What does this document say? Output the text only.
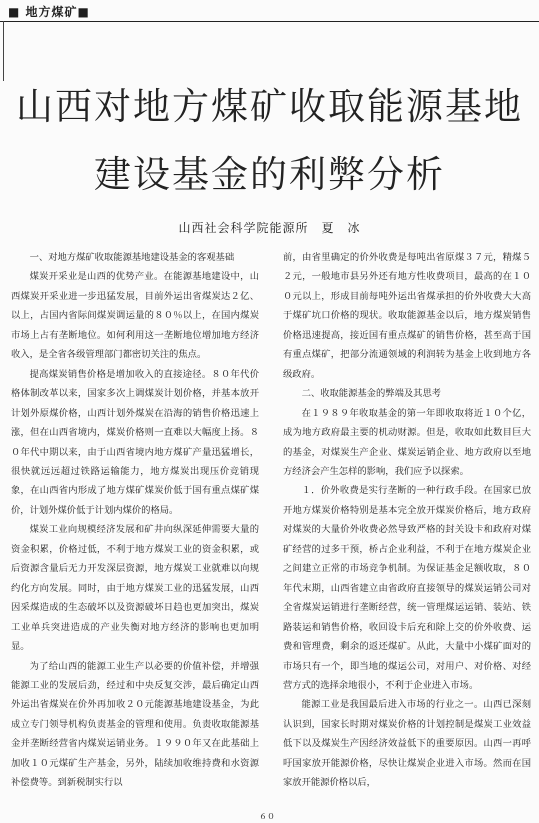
■ 地方煤矿■
山西对地方煤矿收取能源基地
建设基金的利弊分析
山西社会科学院能源所　夏　冰

一、对地方煤矿收取能源基地建设基金的客观基础

煤炭开采业是山西的优势产业。在能源基地建设中，山西煤炭开采业进一步迅猛发展，目前外运出省煤炭达２亿、以上，占国内省际间煤炭调运量的８０％以上，在国内煤炭市场上占有垄断地位。如何利用这一垄断地位增加地方经济收入，是全省各级管理部门都密切关注的焦点。

提高煤炭销售价格是增加收入的直接途径。８０年代价格体制改革以来，国家多次上调煤炭计划价格，并基本放开计划外原煤价格，山西计划外煤炭在沿海的销售价格迅速上涨，但在山西省境内，煤炭价格则一直难以大幅度上扬。８０年代中期以来，由于山西省境内地方煤矿产量迅猛增长，很快就远远超过铁路运输能力，地方煤炭出现压价竞销现象，在山西省内形成了地方煤矿煤炭价低于国有重点煤矿煤价，计划外煤价低于计划内煤价的格局。

煤炭工业向规模经济发展和矿井向纵深延伸需要大量的资金积累，价格过低，不利于地方煤炭工业的资金积累，或后资源含量后无力开发深层资源，地方煤炭工业就难以向规约化方向发展。同时，由于地方煤炭工业的迅猛发展，山西因采煤造成的生态破坏以及资源破坏日趋也更加突出，煤炭工业单兵突进造成的产业失衡对地方经济的影响也更加明显。

为了给山西的能源工业生产以必要的价值补偿，并增强能源工业的发展后劲，经过和中央反复交涉，最后确定山西外运出省煤炭在价外再加收２０元能源基地建设基金，为此成立专门领导机构负责基金的管理和使用。负责收取能源基金并垄断经营省内煤炭运销业务。１９９０年又在此基础上加收１０元煤矿生产基金，另外，陆续加收维持费和水资源补偿费等。到新税制实行以

前，由省里确定的价外收费是每吨出省原煤３７元，精煤５２元，一般地市县另外还有地方性收费项目，最高的在１００元以上，形成目前每吨外运出省煤承担的价外收费大大高于煤矿坑口价格的现状。收取能源基金以后，地方煤炭销售价格迅速提高，接近国有重点煤矿的销售价格，甚至高于国有重点煤矿，把部分流通领域的利润转为基金上收到地方各级政府。

二、收取能源基金的弊端及其思考

在１９８９年收取基金的第一年即收取将近１０个亿，成为地方政府最主要的机动财源。但是，收取如此数目巨大的基金，对煤炭生产企业、煤炭运销企业、地方政府以至地方经济会产生怎样的影响，我们应予以探索。

１．价外收费是实行垄断的一种行政手段。在国家已放开地方煤炭价格特别是基本完全放开煤炭价格后，地方政府对煤炭的大量价外收费必然导致严格的封关设卡和政府对煤矿经营的过多干预，桥占企业利益，不利于在地方煤炭企业之间建立正常的市场竞争机制。为保证基金足额收取，８０年代末期，山西省建立由省政府直接领导的煤炭运销公司对全省煤炭运销进行垄断经营，统一管理煤运运销、装站、铁路装运和销售价格，收回设卡后充和除上交的价外收费、运费和管理费，剩余的返还煤矿。从此，大量中小煤矿面对的市场只有一个，即当地的煤运公司，对用户、对价格、对经营方式的选择余地很小，不利于企业进入市场。

能源工业是我国最后进入市场的行业之一。山西已深刻认识到，国家长时期对煤炭价格的计划控制是煤炭工业效益低下以及煤炭生产因经济效益低下的重要原因。山西一再呼吁国家放开能源价格，尽快让煤炭企业进入市场。然而在国家放开能源价格以后，

６０
